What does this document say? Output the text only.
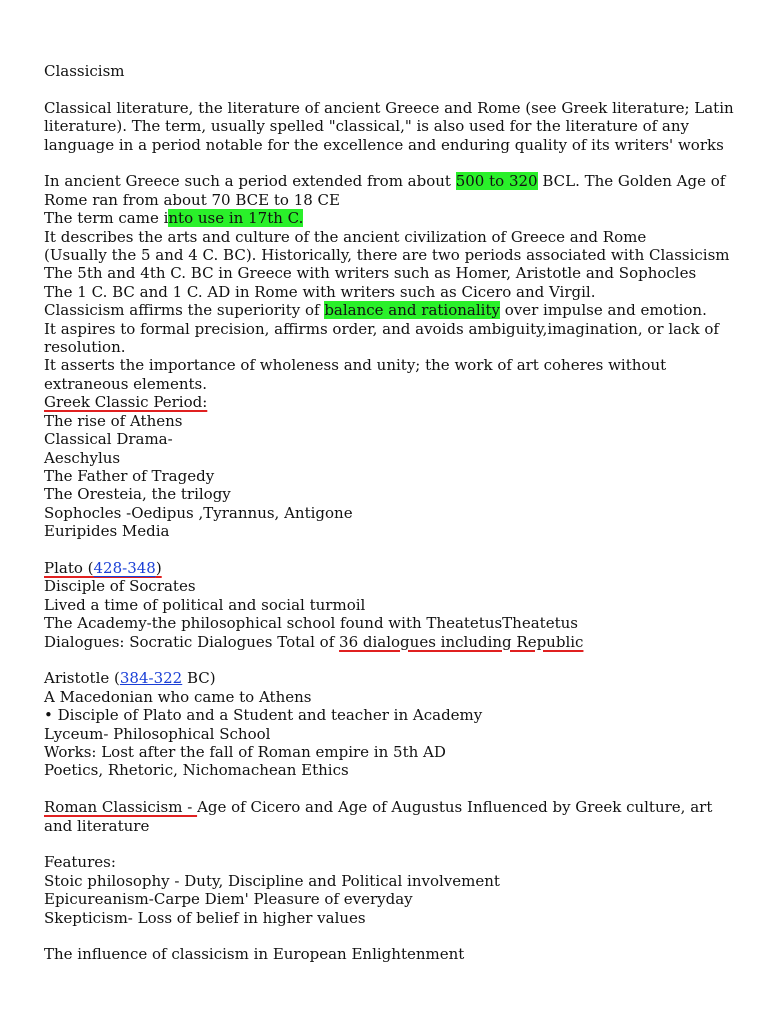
Classicism
Classical literature, the literature of ancient Greece and Rome (see Greek literature; Latin literature). The term, usually spelled "classical," is also used for the literature of any language in a period notable for the excellence and enduring quality of its writers' works
In ancient Greece such a period extended from about 500 to 320 BCL. The Golden Age of Rome ran from about 70 BCE to 18 CE
The term came into use in 17th C.
It describes the arts and culture of the ancient civilization of Greece and Rome
(Usually the 5 and 4 C. BC). Historically, there are two periods associated with Classicism
The 5th and 4th C. BC in Greece with writers such as Homer, Aristotle and Sophocles
The 1 C. BC and 1 C. AD in Rome with writers such as Cicero and Virgil.
Classicism affirms the superiority of balance and rationality over impulse and emotion.
It aspires to formal precision, affirms order, and avoids ambiguity,imagination, or lack of resolution.
It asserts the importance of wholeness and unity; the work of art coheres without extraneous elements.
Greek Classic Period:
The rise of Athens
Classical Drama-
Aeschylus
The Father of Tragedy
The Oresteia, the trilogy
Sophocles -Oedipus ,Tyrannus, Antigone
Euripides Media
Plato (428-348)
Disciple of Socrates
Lived a time of political and social turmoil
The Academy-the philosophical school found with TheatetusTheatetus
Dialogues: Socratic Dialogues Total of 36 dialogues including Republic
Aristotle (384-322 BC)
A Macedonian who came to Athens
• Disciple of Plato and a Student and teacher in Academy
Lyceum- Philosophical School
Works: Lost after the fall of Roman empire in 5th AD
Poetics, Rhetoric, Nichomachean Ethics
Roman Classicism - Age of Cicero and Age of Augustus Influenced by Greek culture, art and literature
Features:
Stoic philosophy - Duty, Discipline and Political involvement
Epicureanism-Carpe Diem' Pleasure of everyday
Skepticism- Loss of belief in higher values
The influence of classicism in European Enlightenment
